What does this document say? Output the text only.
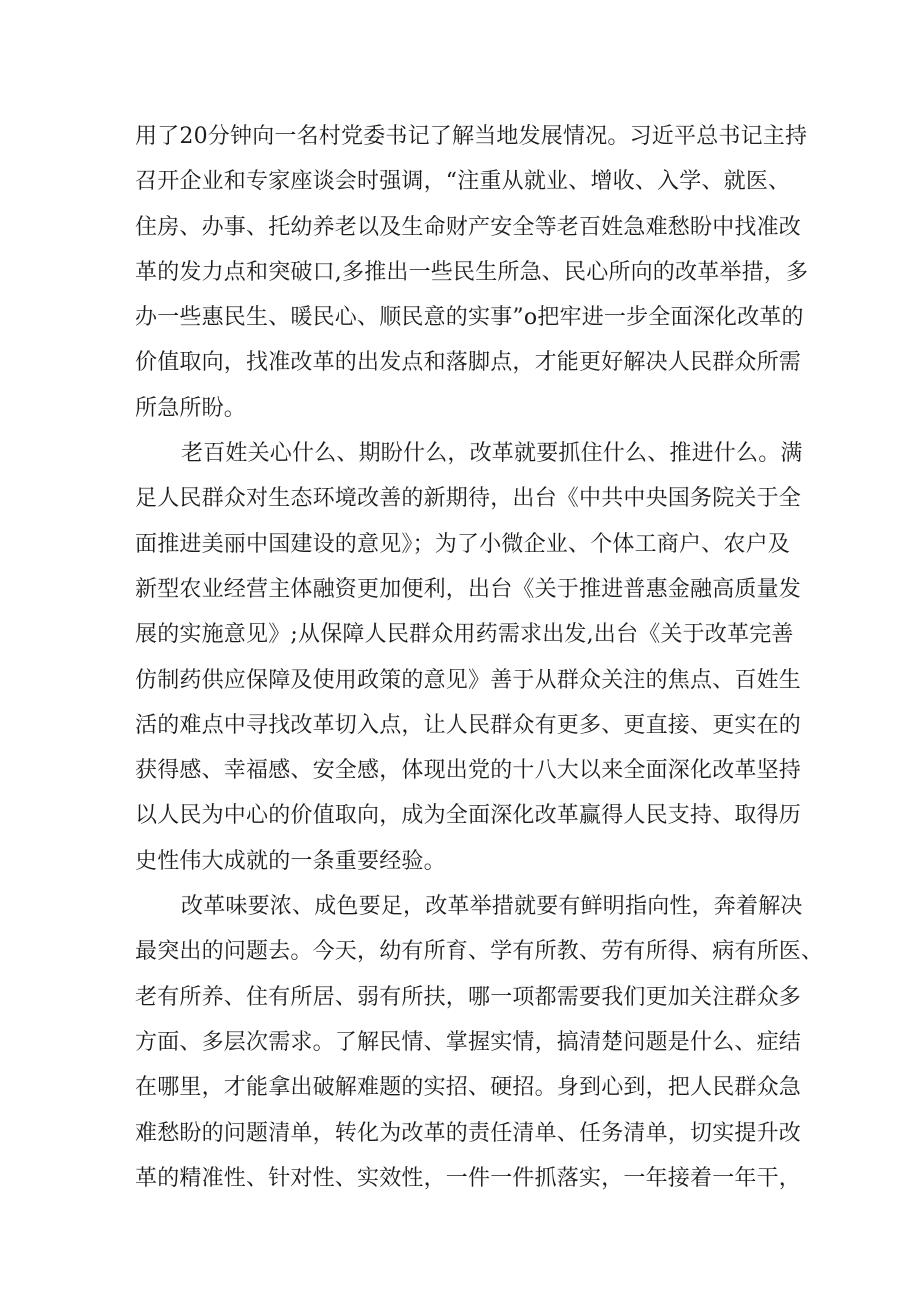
用了20分钟向一名村党委书记了解当地发展情况。习近平总书记主持
召开企业和专家座谈会时强调，“注重从就业、增收、入学、就医、
住房、办事、托幼养老以及生命财产安全等老百姓急难愁盼中找准改
革的发力点和突破口,多推出一些民生所急、民心所向的改革举措，多
办一些惠民生、暖民心、顺民意的实事”o把牢进一步全面深化改革的
价值取向，找准改革的出发点和落脚点，才能更好解决人民群众所需
所急所盼。
老百姓关心什么、期盼什么，改革就要抓住什么、推进什么。满
足人民群众对生态环境改善的新期待，出台《中共中央国务院关于全
面推进美丽中国建设的意见》；为了小微企业、个体工商户、农户及
新型农业经营主体融资更加便利，出台《关于推进普惠金融高质量发
展的实施意见》;从保障人民群众用药需求出发,出台《关于改革完善
仿制药供应保障及使用政策的意见》善于从群众关注的焦点、百姓生
活的难点中寻找改革切入点，让人民群众有更多、更直接、更实在的
获得感、幸福感、安全感，体现出党的十八大以来全面深化改革坚持
以人民为中心的价值取向，成为全面深化改革赢得人民支持、取得历
史性伟大成就的一条重要经验。
改革味要浓、成色要足，改革举措就要有鲜明指向性，奔着解决
最突出的问题去。今天，幼有所育、学有所教、劳有所得、病有所医、
老有所养、住有所居、弱有所扶，哪一项都需要我们更加关注群众多
方面、多层次需求。了解民情、掌握实情，搞清楚问题是什么、症结
在哪里，才能拿出破解难题的实招、硬招。身到心到，把人民群众急
难愁盼的问题清单，转化为改革的责任清单、任务清单，切实提升改
革的精准性、针对性、实效性，一件一件抓落实，一年接着一年干，
